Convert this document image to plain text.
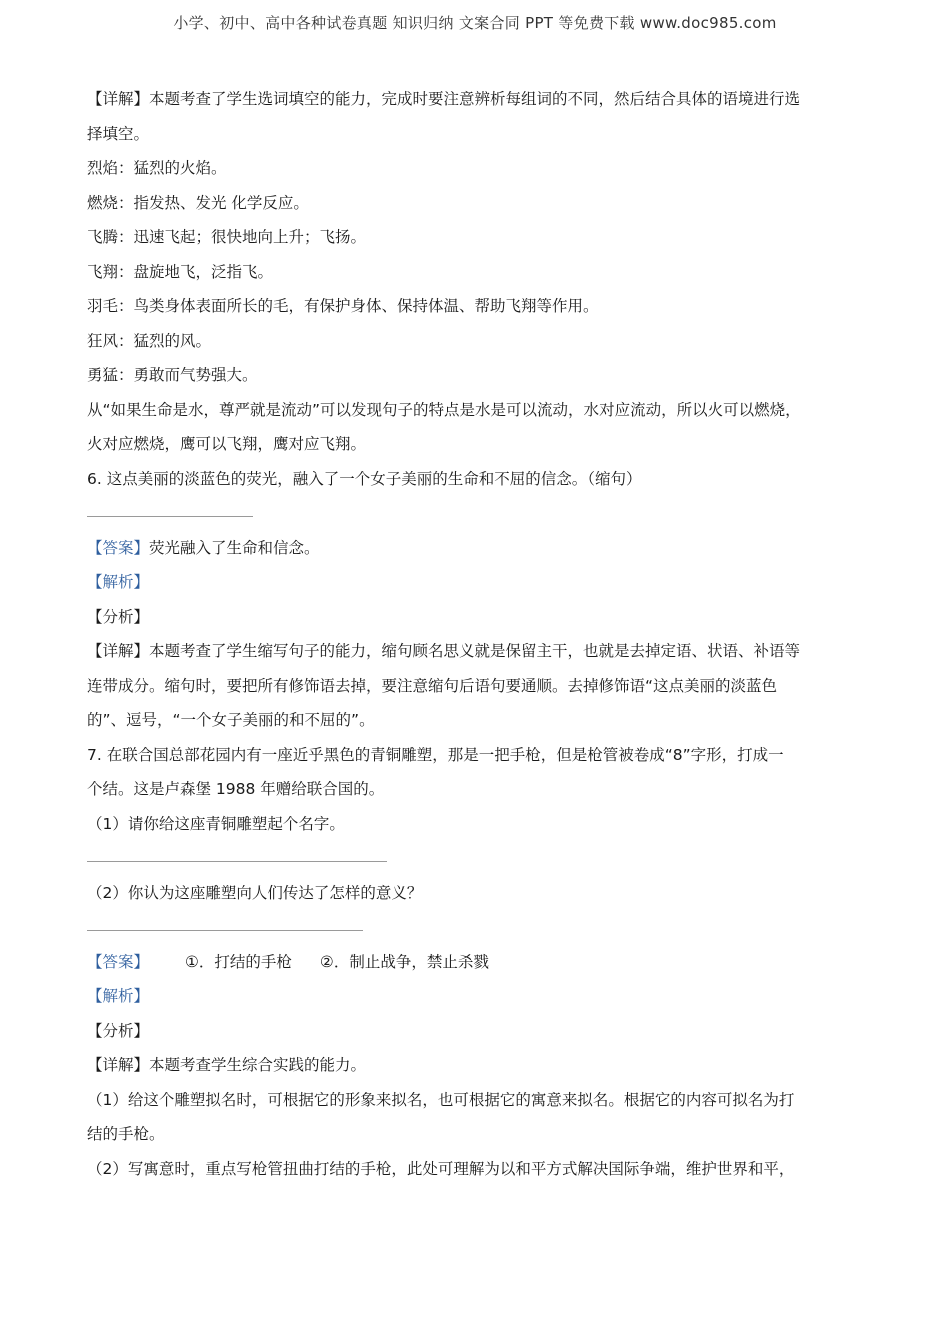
小学、初中、高中各种试卷真题 知识归纳 文案合同 PPT 等免费下载 www.doc985.com

【详解】本题考查了学生选词填空的能力，完成时要注意辨析每组词的不同，然后结合具体的语境进行选

择填空。

烈焰：猛烈的火焰。

燃烧：指发热、发光 化学反应。

飞腾：迅速飞起；很快地向上升；飞扬。

飞翔：盘旋地飞，泛指飞。

羽毛：鸟类身体表面所长的毛，有保护身体、保持体温、帮助飞翔等作用。

狂风：猛烈的风。

勇猛：勇敢而气势强大。

从“如果生命是水，尊严就是流动”可以发现句子的特点是水是可以流动，水对应流动，所以火可以燃烧，

火对应燃烧，鹰可以飞翔，鹰对应飞翔。

6. 这点美丽的淡蓝色的荧光，融入了一个女子美丽的生命和不屈的信念。（缩句）

【答案】荧光融入了生命和信念。

【解析】

【分析】

【详解】本题考查了学生缩写句子的能力，缩句顾名思义就是保留主干，也就是去掉定语、状语、补语等

连带成分。缩句时，要把所有修饰语去掉，要注意缩句后语句要通顺。去掉修饰语“这点美丽的淡蓝色

的”、逗号，“一个女子美丽的和不屈的”。

7. 在联合国总部花园内有一座近乎黑色的青铜雕塑，那是一把手枪，但是枪管被卷成“8”字形，打成一

个结。这是卢森堡 1988 年赠给联合国的。

（1）请你给这座青铜雕塑起个名字。

（2）你认为这座雕塑向人们传达了怎样的意义？

【答案】 ①．打结的手枪 ②．制止战争，禁止杀戮

【解析】

【分析】

【详解】本题考查学生综合实践的能力。

（1）给这个雕塑拟名时，可根据它的形象来拟名，也可根据它的寓意来拟名。根据它的内容可拟名为打

结的手枪。

（2）写寓意时，重点写枪管扭曲打结的手枪，此处可理解为以和平方式解决国际争端，维护世界和平，
